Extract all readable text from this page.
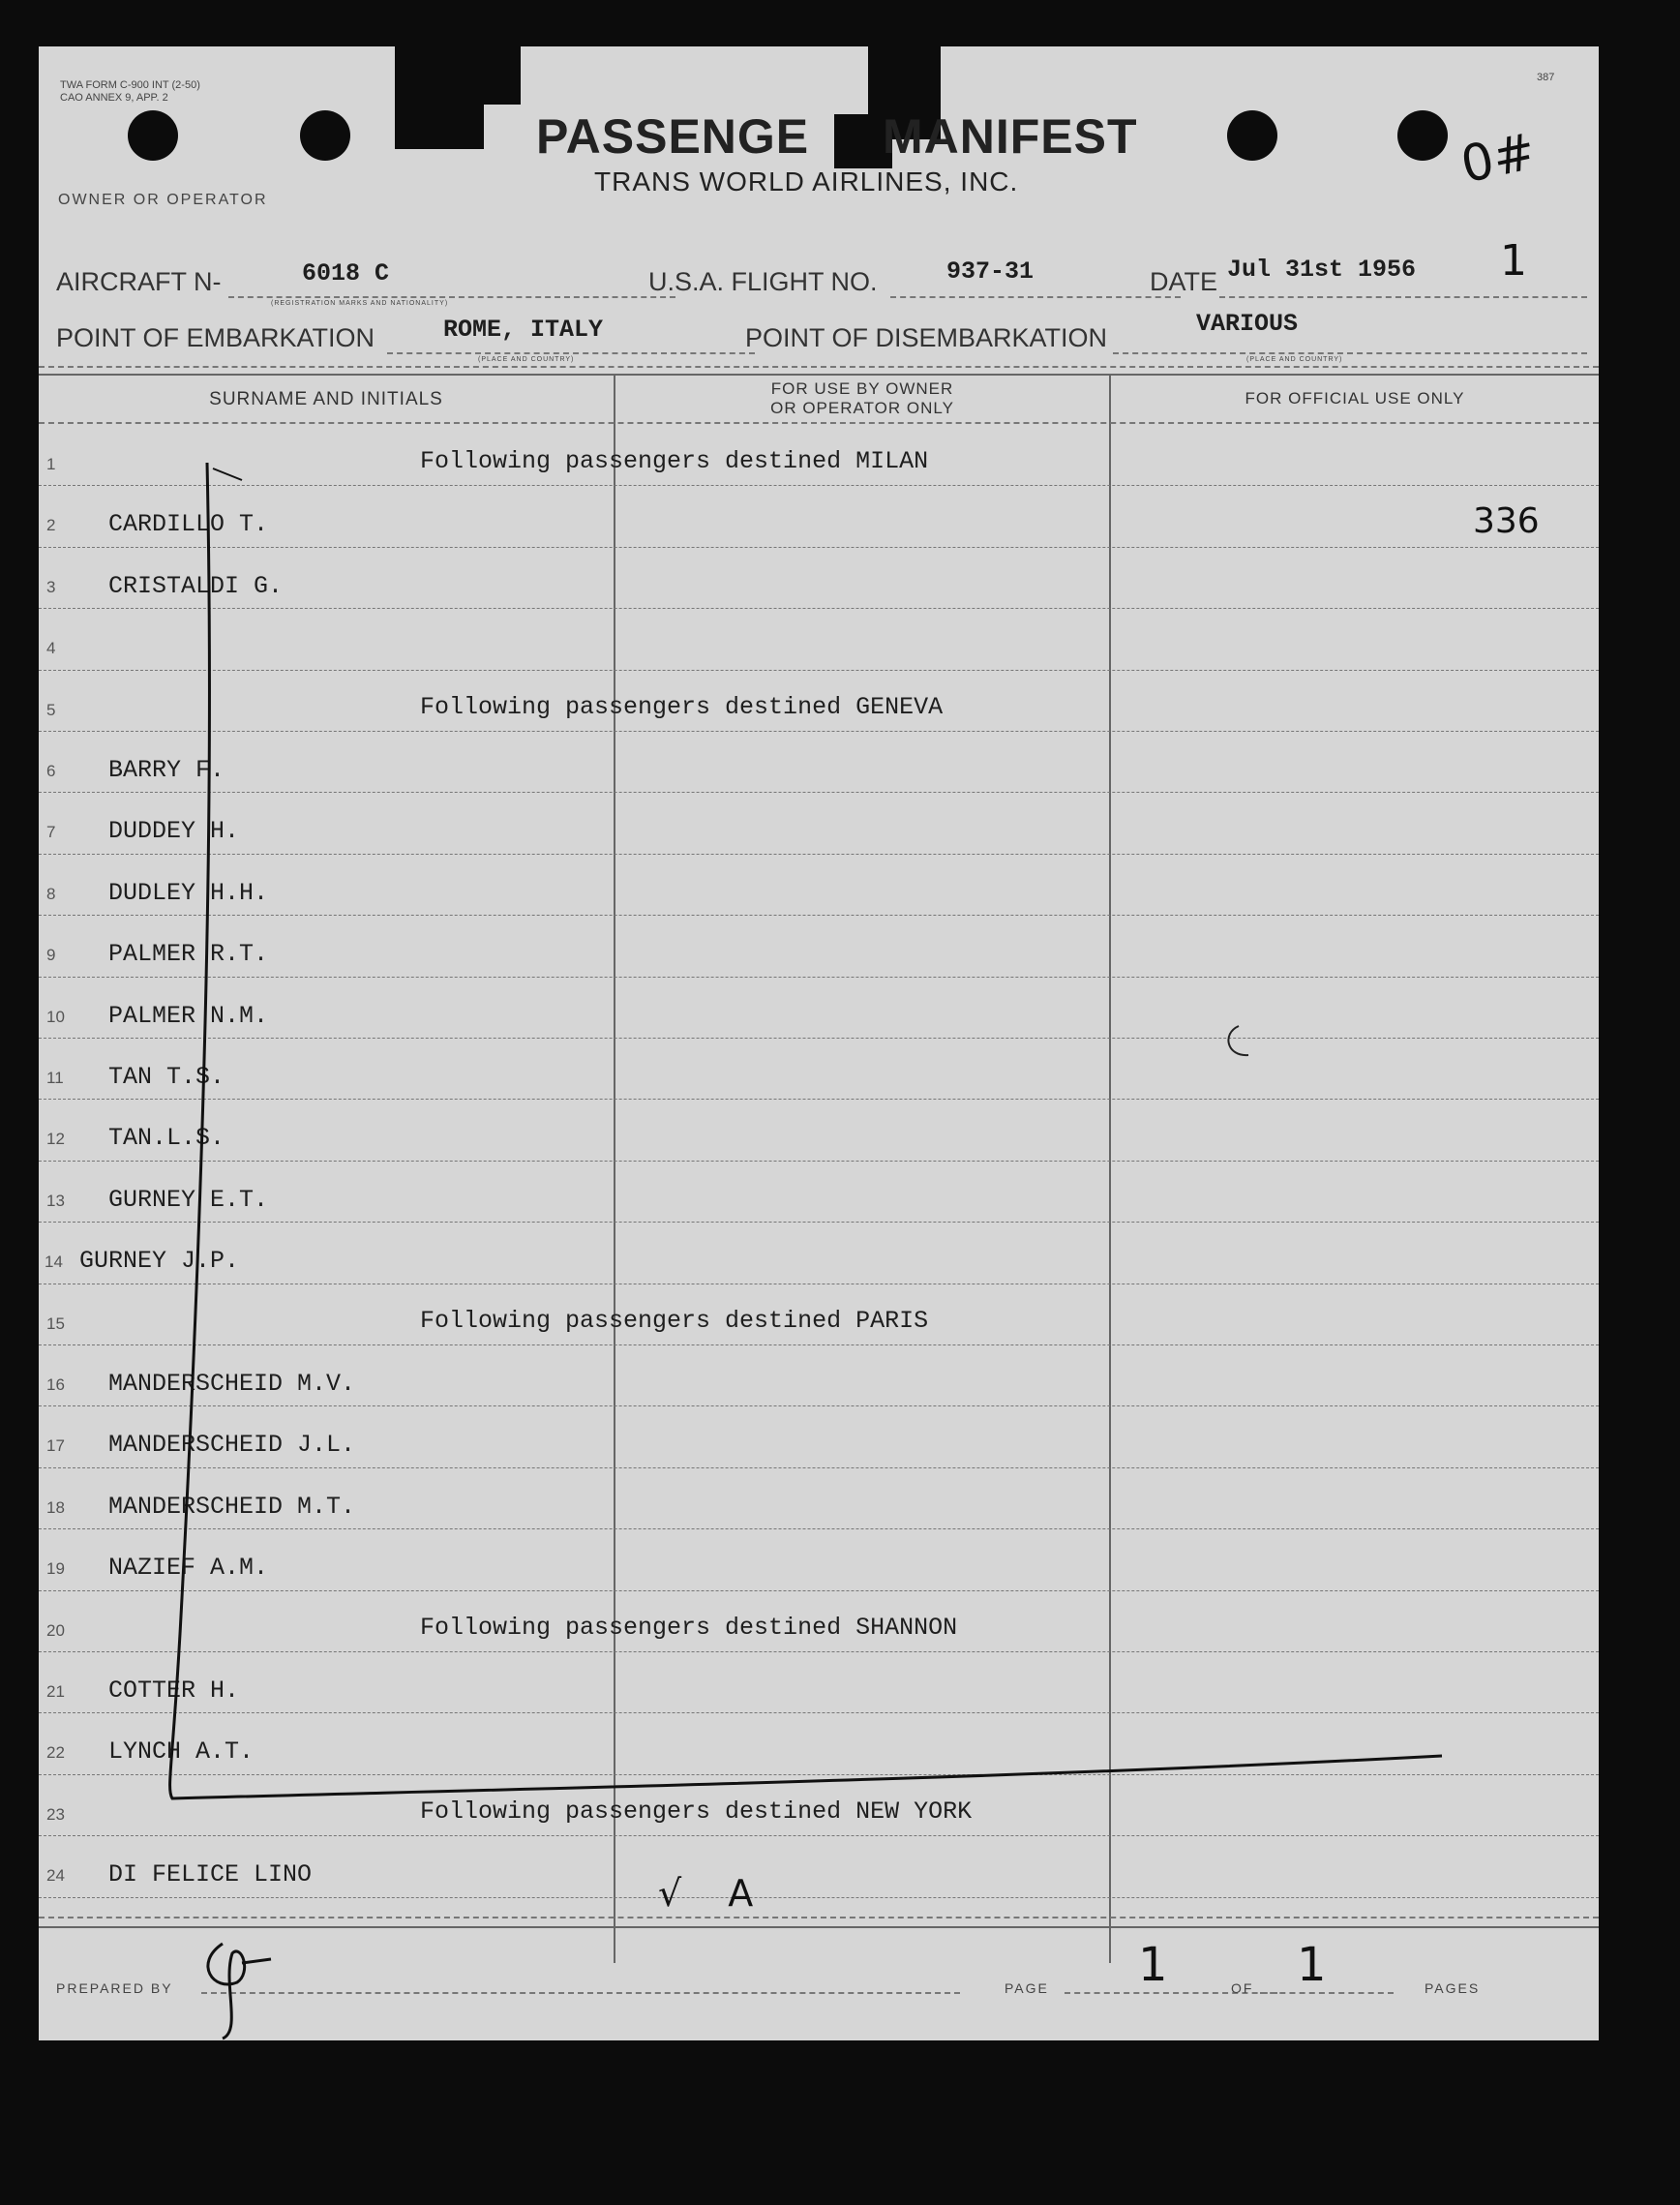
TWA FORM C-900 INT (2-50)
CAO ANNEX 9, APP. 2
387
OWNER OR OPERATOR
PASSENGE MANIFEST
TRANS WORLD AIRLINES, INC.	0#
1
AIRCRAFT N-	6018 C
(REGISTRATION MARKS AND NATIONALITY)
U.S.A. FLIGHT NO.	937-31	DATE Jul 31st 1956
POINT OF EMBARKATION	ROME, ITALY
(PLACE AND COUNTRY)
POINT OF DISEMBARKATION	VARIOUS
(PLACE AND COUNTRY)
SURNAME AND INITIALS
FOR USE BY OWNER
OR OPERATOR ONLY
FOR OFFICIAL USE ONLY
1	Following passengers destined MILAN
2 CARDILLO T.
3 CRISTALDI G.
4
5	Following passengers destined GENEVA
6 BARRY F.
7 DUDDEY H.
8 DUDLEY H.H.
9 PALMER R.T.
10 PALMER N.M.
11 TAN T.S.
12 TAN.L.S.
13 GURNEY E.T.
14 GURNEY J.P.
15	Following passengers destined PARIS
16 MANDERSCHEID M.V.
17 MANDERSCHEID J.L.
18 MANDERSCHEID M.T.
19 NAZIEF A.M.
20	Following passengers destined SHANNON
21 COTTER H.
22 LYNCH A.T.
23	Following passengers destined NEW YORK
24 DI FELICE LINO
336
√ A
PREPARED BY	PAGE 1	OF 1	PAGES
